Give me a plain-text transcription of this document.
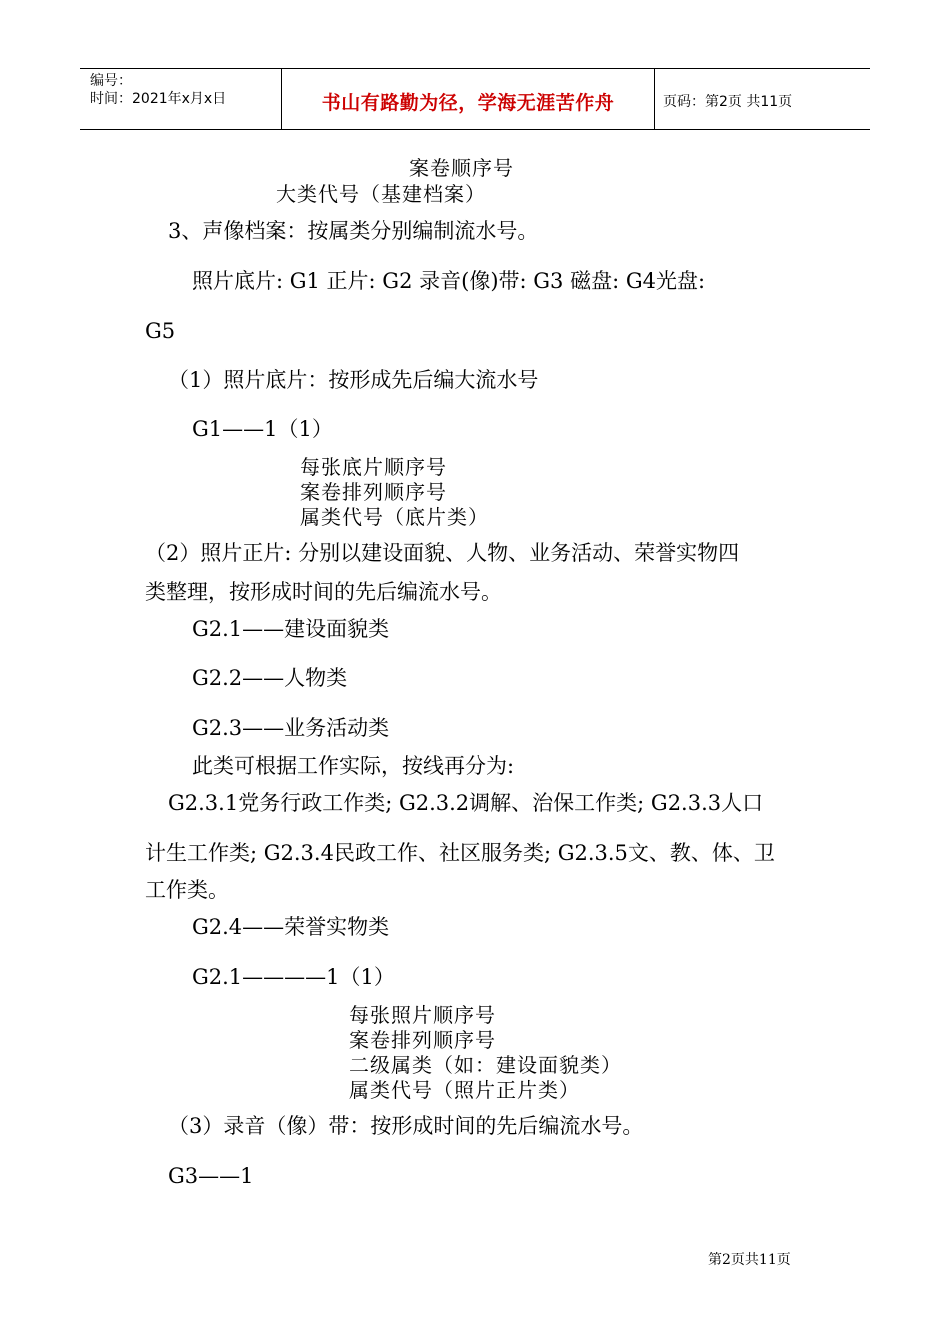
编号：
时间：2021年x月x日	书山有路勤为径，学海无涯苦作舟	页码：第2页 共11页
案卷顺序号
大类代号（基建档案）
3、声像档案：按属类分别编制流水号。
照片底片: G1 正片: G2 录音(像)带: G3 磁盘: G4光盘:
G5
（1）照片底片：按形成先后编大流水号
G1——1（1）
每张底片顺序号
案卷排列顺序号
属类代号（底片类）
（2）照片正片: 分别以建设面貌、人物、业务活动、荣誉实物四
类整理，按形成时间的先后编流水号。
G2.1——建设面貌类
G2.2——人物类
G2.3——业务活动类
此类可根据工作实际，按线再分为:
G2.3.1党务行政工作类; G2.3.2调解、治保工作类; G2.3.3人口
计生工作类; G2.3.4民政工作、社区服务类; G2.3.5文、教、体、卫
工作类。
G2.4——荣誉实物类
G2.1————1（1）
每张照片顺序号
案卷排列顺序号
二级属类（如：建设面貌类）
属类代号（照片正片类）
（3）录音（像）带：按形成时间的先后编流水号。
G3——1
第2页共11页
